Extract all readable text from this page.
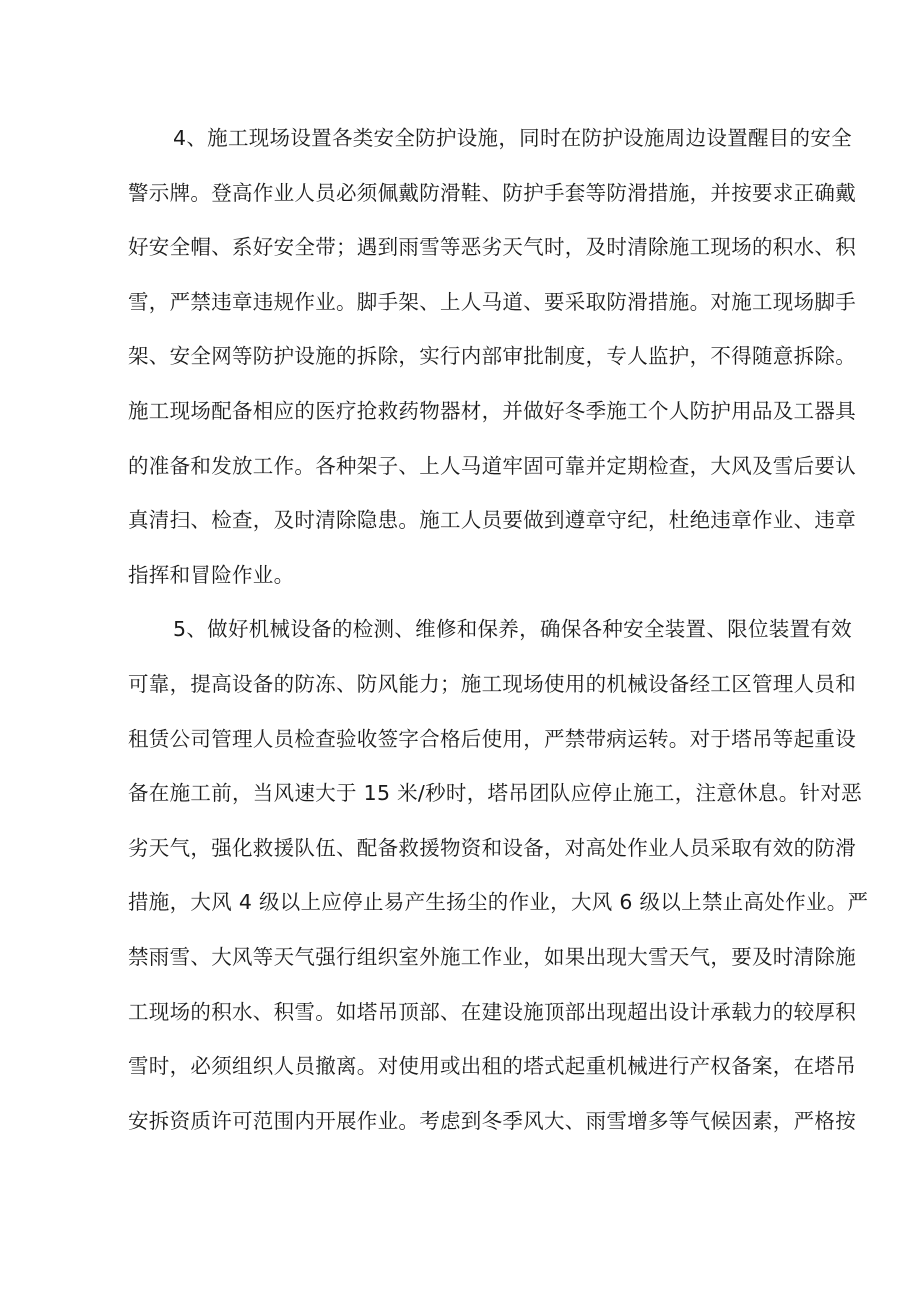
4、施工现场设置各类安全防护设施，同时在防护设施周边设置醒目的安全
警示牌。登高作业人员必须佩戴防滑鞋、防护手套等防滑措施，并按要求正确戴
好安全帽、系好安全带；遇到雨雪等恶劣天气时，及时清除施工现场的积水、积
雪，严禁违章违规作业。脚手架、上人马道、要采取防滑措施。对施工现场脚手
架、安全网等防护设施的拆除，实行内部审批制度，专人监护，不得随意拆除。
施工现场配备相应的医疗抢救药物器材，并做好冬季施工个人防护用品及工器具
的准备和发放工作。各种架子、上人马道牢固可靠并定期检查，大风及雪后要认
真清扫、检查，及时清除隐患。施工人员要做到遵章守纪，杜绝违章作业、违章
指挥和冒险作业。
5、做好机械设备的检测、维修和保养，确保各种安全装置、限位装置有效
可靠，提高设备的防冻、防风能力；施工现场使用的机械设备经工区管理人员和
租赁公司管理人员检查验收签字合格后使用，严禁带病运转。对于塔吊等起重设
备在施工前，当风速大于 15 米/秒时，塔吊团队应停止施工，注意休息。针对恶
劣天气，强化救援队伍、配备救援物资和设备，对高处作业人员采取有效的防滑
措施，大风 4 级以上应停止易产生扬尘的作业，大风 6 级以上禁止高处作业。严
禁雨雪、大风等天气强行组织室外施工作业，如果出现大雪天气，要及时清除施
工现场的积水、积雪。如塔吊顶部、在建设施顶部出现超出设计承载力的较厚积
雪时，必须组织人员撤离。对使用或出租的塔式起重机械进行产权备案，在塔吊
安拆资质许可范围内开展作业。考虑到冬季风大、雨雪增多等气候因素，严格按
